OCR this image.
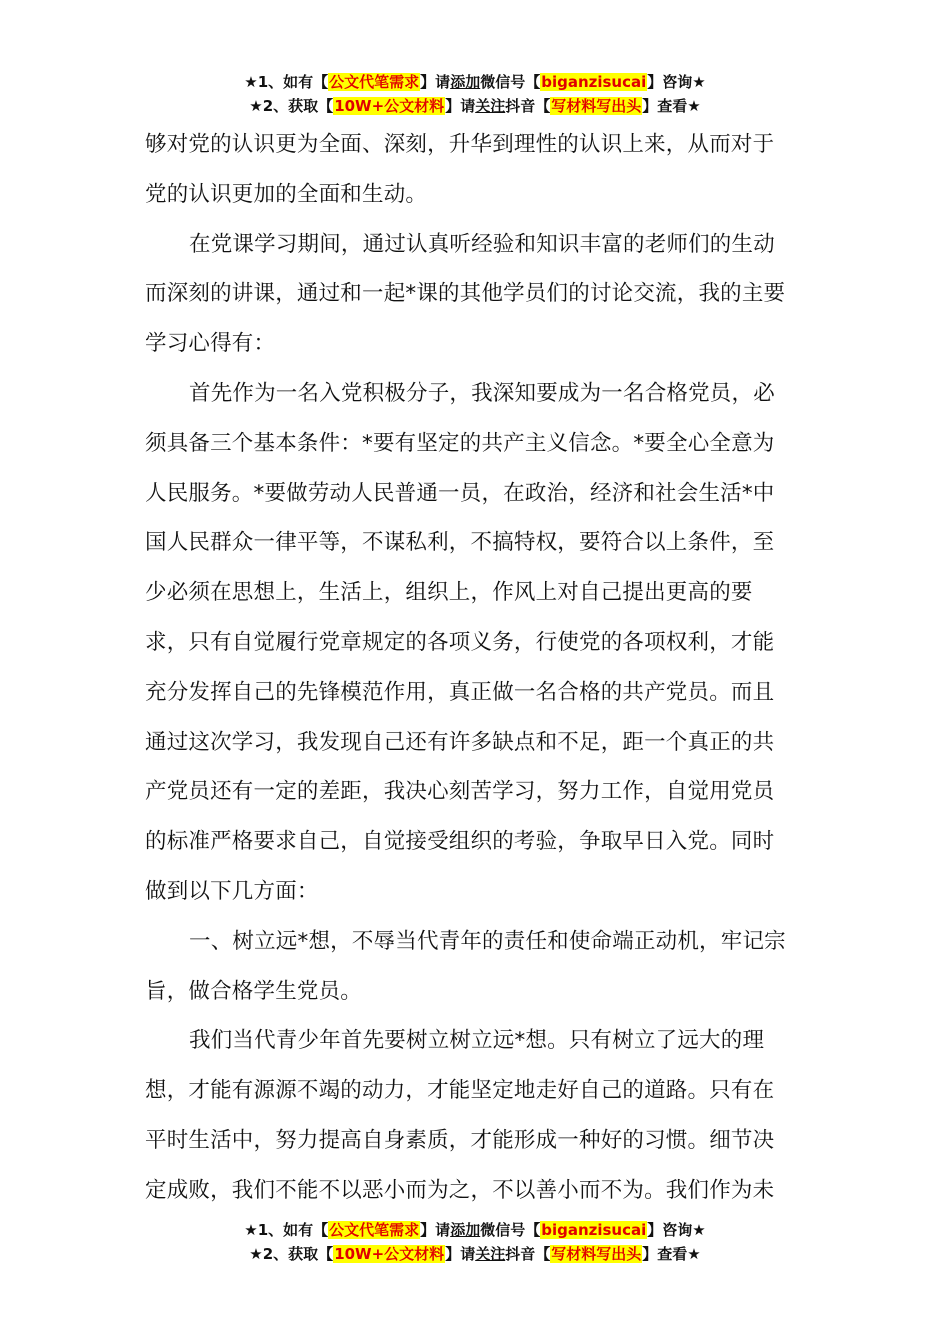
★1、如有【公文代笔需求】请添加微信号【biganzisucai】咨询★
★2、获取【10W+公文材料】请关注抖音【写材料写出头】查看★
够对党的认识更为全面、深刻，升华到理性的认识上来，从而对于
党的认识更加的全面和生动。
在党课学习期间，通过认真听经验和知识丰富的老师们的生动
而深刻的讲课，通过和一起*课的其他学员们的讨论交流，我的主要
学习心得有：
首先作为一名入党积极分子，我深知要成为一名合格党员，必
须具备三个基本条件：*要有坚定的共产主义信念。*要全心全意为
人民服务。*要做劳动人民普通一员，在政治，经济和社会生活*中
国人民群众一律平等，不谋私利，不搞特权，要符合以上条件，至
少必须在思想上，生活上，组织上，作风上对自己提出更高的要
求，只有自觉履行党章规定的各项义务，行使党的各项权利，才能
充分发挥自己的先锋模范作用，真正做一名合格的共产党员。而且
通过这次学习，我发现自己还有许多缺点和不足，距一个真正的共
产党员还有一定的差距，我决心刻苦学习，努力工作，自觉用党员
的标准严格要求自己，自觉接受组织的考验，争取早日入党。同时
做到以下几方面：
一、树立远*想，不辱当代青年的责任和使命端正动机，牢记宗
旨，做合格学生党员。
我们当代青少年首先要树立树立远*想。只有树立了远大的理
想，才能有源源不竭的动力，才能坚定地走好自己的道路。只有在
平时生活中，努力提高自身素质，才能形成一种好的习惯。细节决
定成败，我们不能不以恶小而为之，不以善小而不为。我们作为未
★1、如有【公文代笔需求】请添加微信号【biganzisucai】咨询★
★2、获取【10W+公文材料】请关注抖音【写材料写出头】查看★
